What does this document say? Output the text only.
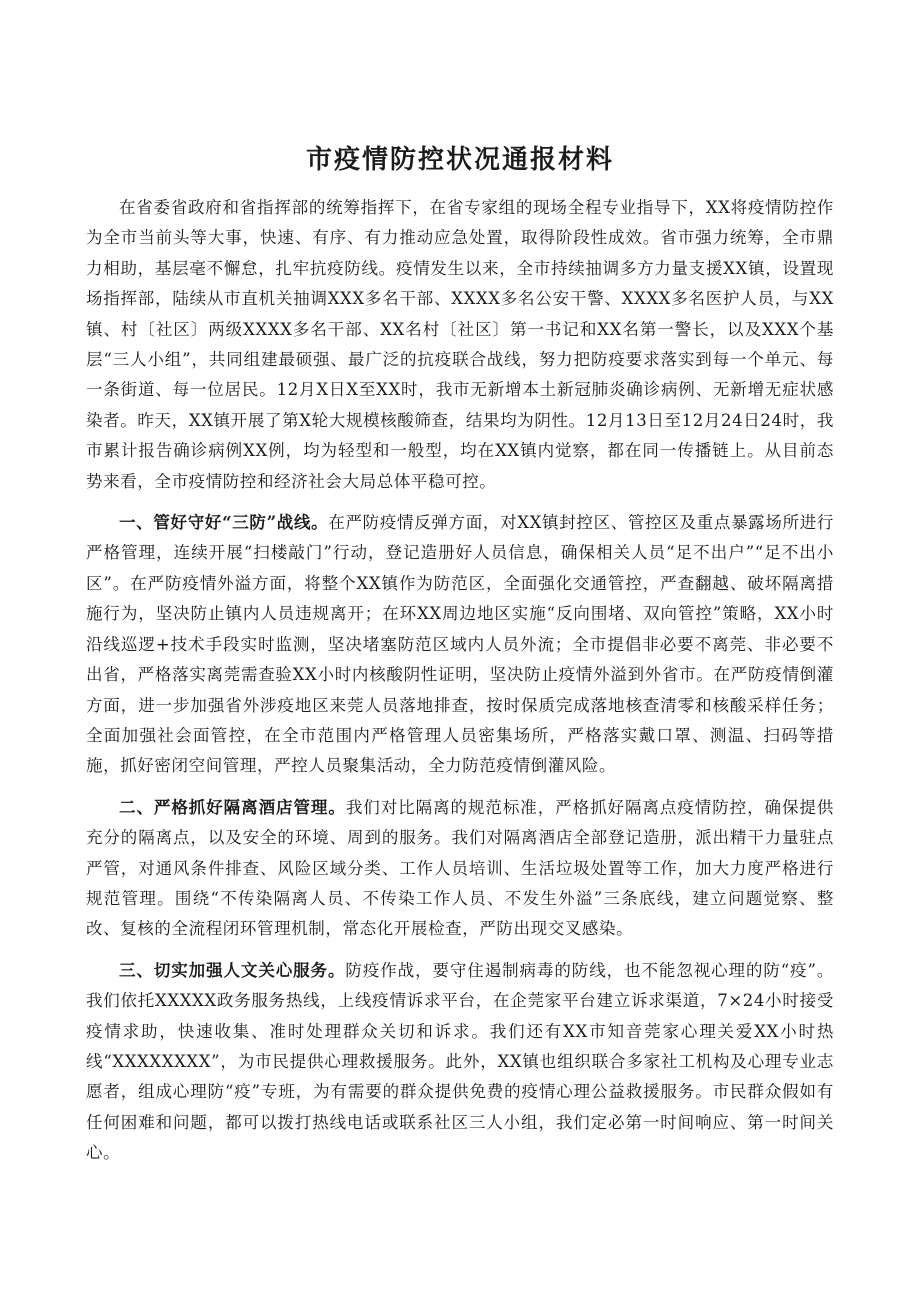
市疫情防控状况通报材料

在省委省政府和省指挥部的统筹指挥下，在省专家组的现场全程专业指导下，XX将疫情防控作为全市当前头等大事，快速、有序、有力推动应急处置，取得阶段性成效。省市强力统筹，全市鼎力相助，基层毫不懈怠，扎牢抗疫防线。疫情发生以来，全市持续抽调多方力量支援XX镇，设置现场指挥部，陆续从市直机关抽调XXX多名干部、XXXX多名公安干警、XXXX多名医护人员，与XX镇、村〔社区〕两级XXXX多名干部、XX名村〔社区〕第一书记和XX名第一警长，以及XXX个基层“三人小组”，共同组建最硕强、最广泛的抗疫联合战线，努力把防疫要求落实到每一个单元、每一条街道、每一位居民。12月X日X至XX时，我市无新增本土新冠肺炎确诊病例、无新增无症状感染者。昨天，XX镇开展了第X轮大规模核酸筛查，结果均为阴性。12月13日至12月24日24时，我市累计报告确诊病例XX例，均为轻型和一般型，均在XX镇内觉察，都在同一传播链上。从目前态势来看，全市疫情防控和经济社会大局总体平稳可控。

一、管好守好“三防”战线。在严防疫情反弹方面，对XX镇封控区、管控区及重点暴露场所进行严格管理，连续开展“扫楼敲门”行动，登记造册好人员信息，确保相关人员“足不出户”“足不出小区”。在严防疫情外溢方面，将整个XX镇作为防范区，全面强化交通管控，严查翻越、破坏隔离措施行为，坚决防止镇内人员违规离开；在环XX周边地区实施“反向围堵、双向管控”策略，XX小时沿线巡逻+技术手段实时监测，坚决堵塞防范区域内人员外流；全市提倡非必要不离莞、非必要不出省，严格落实离莞需查验XX小时内核酸阴性证明，坚决防止疫情外溢到外省市。在严防疫情倒灌方面，进一步加强省外涉疫地区来莞人员落地排查，按时保质完成落地核查清零和核酸采样任务；全面加强社会面管控，在全市范围内严格管理人员密集场所，严格落实戴口罩、测温、扫码等措施，抓好密闭空间管理，严控人员聚集活动，全力防范疫情倒灌风险。

二、严格抓好隔离酒店管理。我们对比隔离的规范标准，严格抓好隔离点疫情防控，确保提供充分的隔离点，以及安全的环境、周到的服务。我们对隔离酒店全部登记造册，派出精干力量驻点严管，对通风条件排查、风险区域分类、工作人员培训、生活垃圾处置等工作，加大力度严格进行规范管理。围绕“不传染隔离人员、不传染工作人员、不发生外溢”三条底线，建立问题觉察、整改、复核的全流程闭环管理机制，常态化开展检查，严防出现交叉感染。

三、切实加强人文关心服务。防疫作战，要守住遏制病毒的防线，也不能忽视心理的防“疫”。我们依托XXXXX政务服务热线，上线疫情诉求平台，在企莞家平台建立诉求渠道，7×24小时接受疫情求助，快速收集、准时处理群众关切和诉求。我们还有XX市知音莞家心理关爱XX小时热线“XXXXXXXX”，为市民提供心理救援服务。此外，XX镇也组织联合多家社工机构及心理专业志愿者，组成心理防“疫”专班，为有需要的群众提供免费的疫情心理公益救援服务。市民群众假如有任何困难和问题，都可以拨打热线电话或联系社区三人小组，我们定必第一时间响应、第一时间关心。
